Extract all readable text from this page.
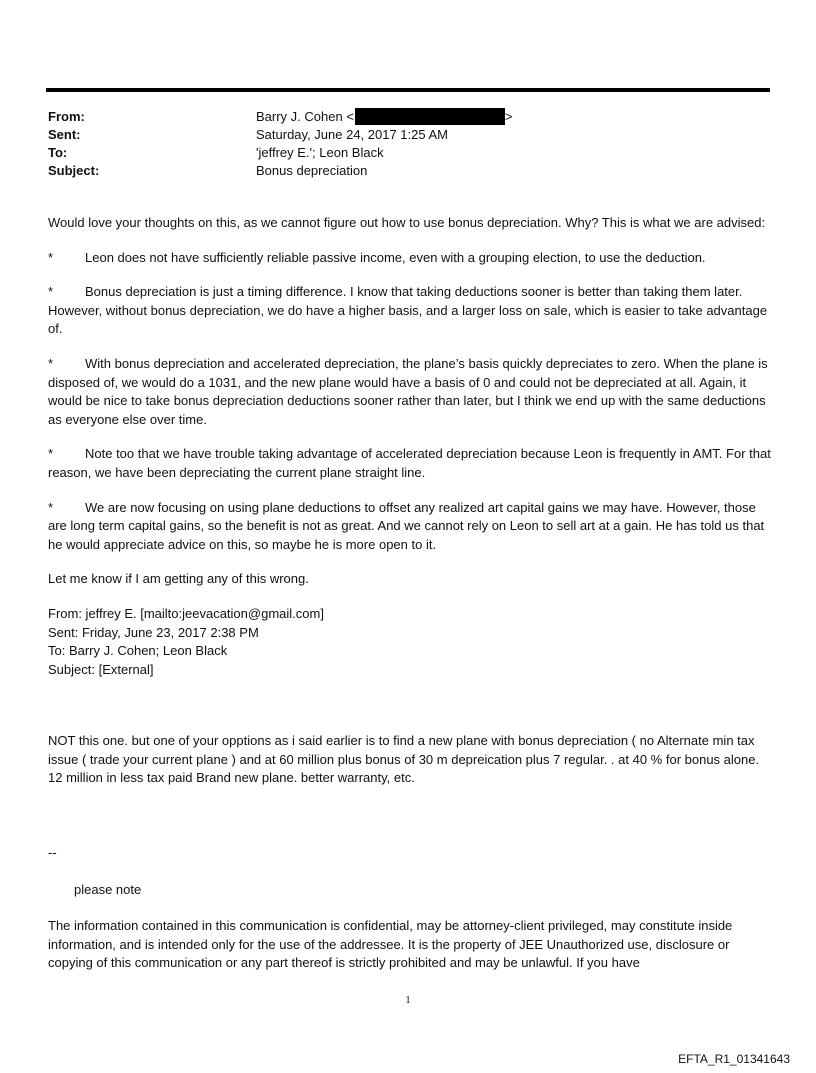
From:	Barry J. Cohen <	>
Sent:	Saturday, June 24, 2017 1:25 AM
To:	'jeffrey E.'; Leon Black
Subject:	Bonus depreciation

Would love your thoughts on this, as we cannot figure out how to use bonus depreciation. Why? This is what we are advised:

* Leon does not have sufficiently reliable passive income, even with a grouping election, to use the deduction.

* Bonus depreciation is just a timing difference. I know that taking deductions sooner is better than taking them later. However, without bonus depreciation, we do have a higher basis, and a larger loss on sale, which is easier to take advantage of.

* With bonus depreciation and accelerated depreciation, the plane’s basis quickly depreciates to zero. When the plane is disposed of, we would do a 1031, and the new plane would have a basis of 0 and could not be depreciated at all. Again, it would be nice to take bonus depreciation deductions sooner rather than later, but I think we end up with the same deductions as everyone else over time.

* Note too that we have trouble taking advantage of accelerated depreciation because Leon is frequently in AMT. For that reason, we have been depreciating the current plane straight line.

* We are now focusing on using plane deductions to offset any realized art capital gains we may have. However, those are long term capital gains, so the benefit is not as great. And we cannot rely on Leon to sell art at a gain. He has told us that he would appreciate advice on this, so maybe he is more open to it.

Let me know if I am getting any of this wrong.

From: jeffrey E. [mailto:jeevacation@gmail.com]
Sent: Friday, June 23, 2017 2:38 PM
To: Barry J. Cohen; Leon Black
Subject: [External]

NOT this one. but one of your opptions as i said earlier is to find a new plane with bonus depreciation ( no Alternate min tax issue ( trade your current plane ) and at 60 million plus bonus of 30 m depreication plus 7 regular. . at 40 % for bonus alone. 12 million in less tax paid Brand new plane. better warranty, etc.

--

please note

The information contained in this communication is confidential, may be attorney-client privileged, may constitute inside information, and is intended only for the use of the addressee. It is the property of JEE Unauthorized use, disclosure or copying of this communication or any part thereof is strictly prohibited and may be unlawful. If you have

1
EFTA_R1_01341643
